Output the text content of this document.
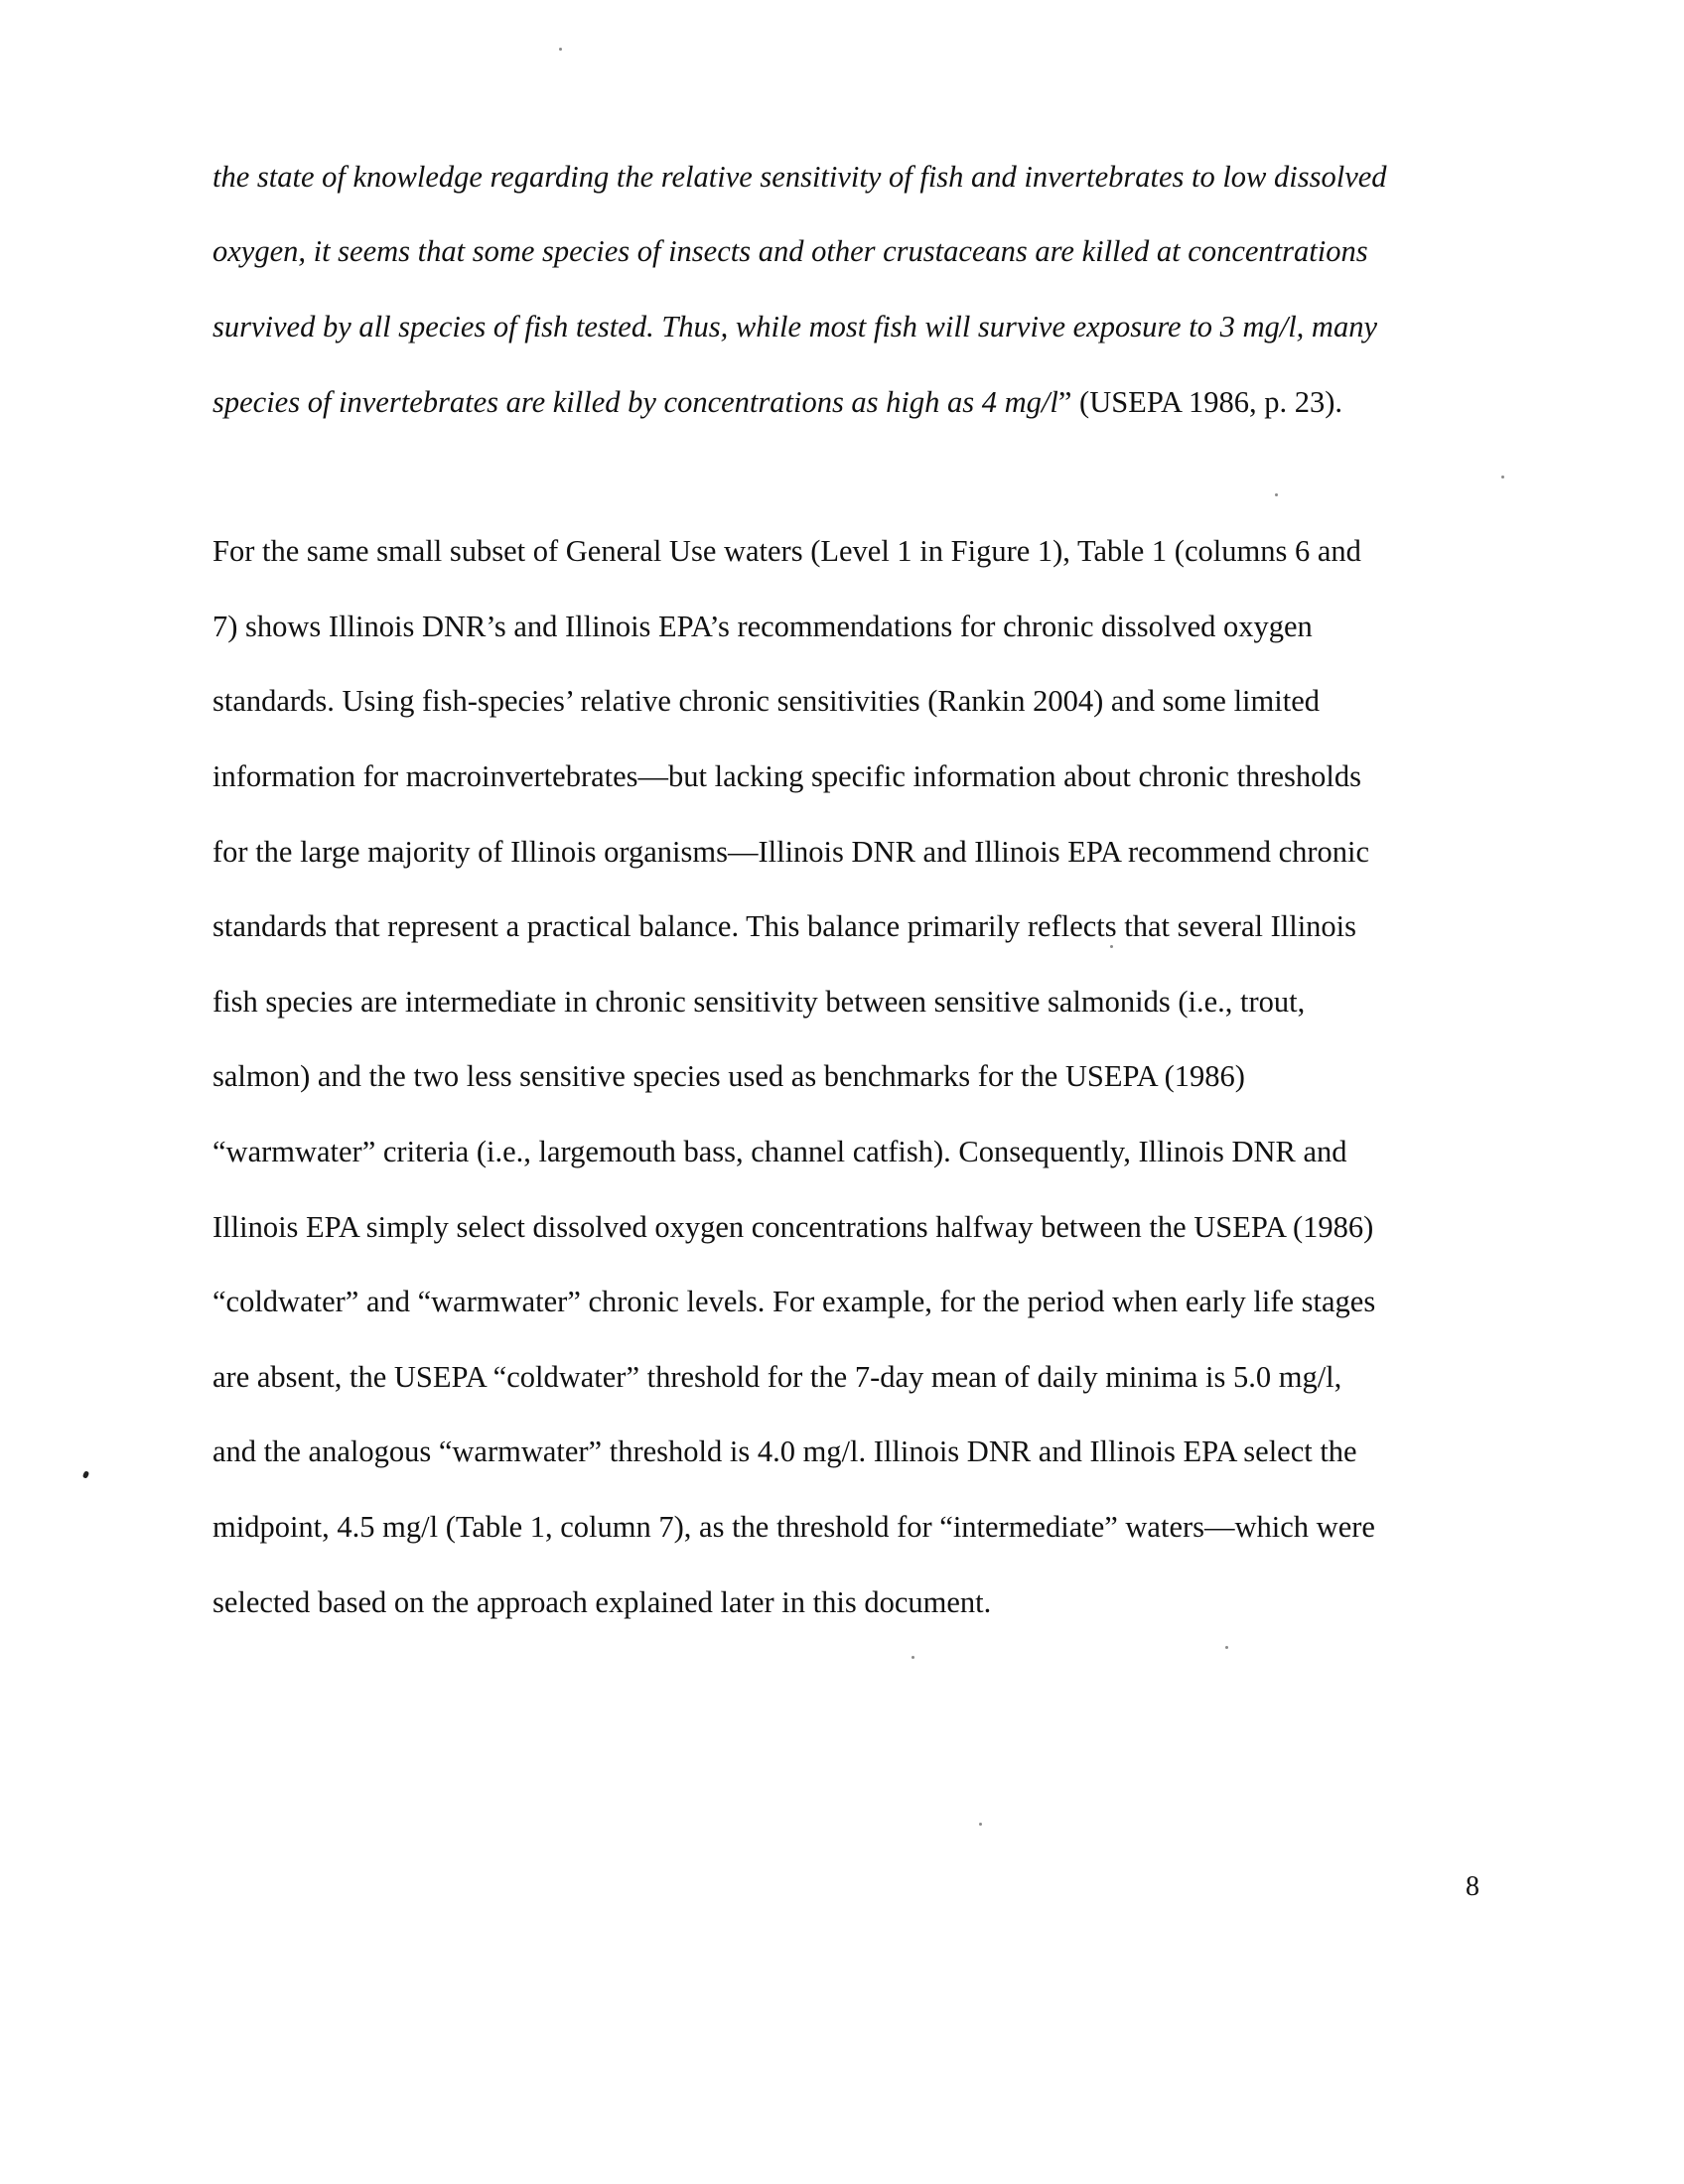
the state of knowledge regarding the relative sensitivity of fish and invertebrates to low dissolved
oxygen, it seems that some species of insects and other crustaceans are killed at concentrations
survived by all species of fish tested. Thus, while most fish will survive exposure to 3 mg/l, many
species of invertebrates are killed by concentrations as high as 4 mg/l” (USEPA 1986, p. 23).
For the same small subset of General Use waters (Level 1 in Figure 1), Table 1 (columns 6 and
7) shows Illinois DNR’s and Illinois EPA’s recommendations for chronic dissolved oxygen
standards. Using fish-species’ relative chronic sensitivities (Rankin 2004) and some limited
information for macroinvertebrates—but lacking specific information about chronic thresholds
for the large majority of Illinois organisms—Illinois DNR and Illinois EPA recommend chronic
standards that represent a practical balance. This balance primarily reflects that several Illinois
fish species are intermediate in chronic sensitivity between sensitive salmonids (i.e., trout,
salmon) and the two less sensitive species used as benchmarks for the USEPA (1986)
“warmwater” criteria (i.e., largemouth bass, channel catfish). Consequently, Illinois DNR and
Illinois EPA simply select dissolved oxygen concentrations halfway between the USEPA (1986)
“coldwater” and “warmwater” chronic levels. For example, for the period when early life stages
are absent, the USEPA “coldwater” threshold for the 7-day mean of daily minima is 5.0 mg/l,
and the analogous “warmwater” threshold is 4.0 mg/l. Illinois DNR and Illinois EPA select the
midpoint, 4.5 mg/l (Table 1, column 7), as the threshold for “intermediate” waters—which were
selected based on the approach explained later in this document.
8
